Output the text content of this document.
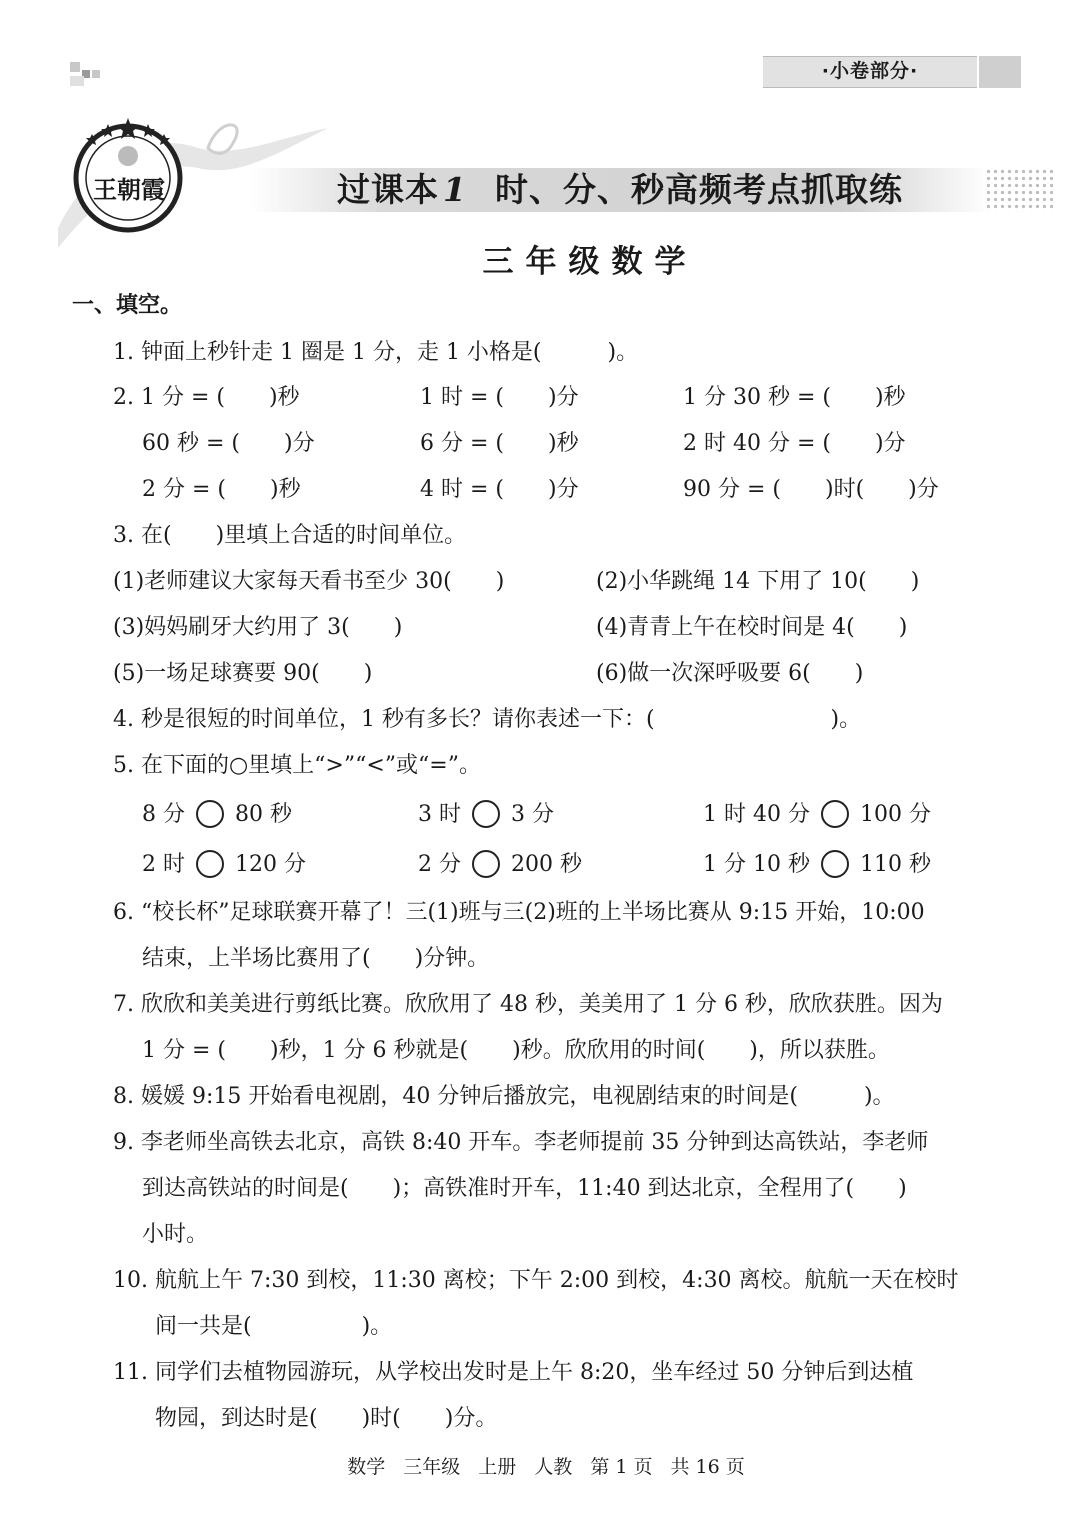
·小卷部分·
王朝霞	过课本 1 时、分、秒高频考点抓取练
三年级数学
一、填空。
1. 钟面上秒针走 1 圈是 1 分，走 1 小格是(　　　)。
2. 1 分 = (　　)秒	1 时 = (　　)分	1 分 30 秒 = (　　)秒
60 秒 = (　　)分	6 分 = (　　)秒	2 时 40 分 = (　　)分
2 分 = (　　)秒	4 时 = (　　)分	90 分 = (　　)时(　　)分
3. 在(　　)里填上合适的时间单位。
(1)老师建议大家每天看书至少 30(　　)	(2)小华跳绳 14 下用了 10(　　)
(3)妈妈刷牙大约用了 3(　　)	(4)青青上午在校时间是 4(　　)
(5)一场足球赛要 90(　　)	(6)做一次深呼吸要 6(　　)
4. 秒是很短的时间单位，1 秒有多长？请你表述一下：(　　　　　　　　)。
5. 在下面的○里填上“>”“<”或“=”。
8 分 80 秒	3 时 3 分	1 时 40 分 100 分
2 时 120 分	2 分 200 秒	1 分 10 秒 110 秒
6. “校长杯”足球联赛开幕了！三(1)班与三(2)班的上半场比赛从 9:15 开始，10:00
结束，上半场比赛用了(　　)分钟。
7. 欣欣和美美进行剪纸比赛。欣欣用了 48 秒，美美用了 1 分 6 秒，欣欣获胜。因为
1 分 = (　　)秒，1 分 6 秒就是(　　)秒。欣欣用的时间(　　)，所以获胜。
8. 媛媛 9:15 开始看电视剧，40 分钟后播放完，电视剧结束的时间是(　　　)。
9. 李老师坐高铁去北京，高铁 8:40 开车。李老师提前 35 分钟到达高铁站，李老师
到达高铁站的时间是(　　)；高铁准时开车，11:40 到达北京，全程用了(　　)
小时。
10. 航航上午 7:30 到校，11:30 离校；下午 2:00 到校，4:30 离校。航航一天在校时
间一共是(　　　　　)。
11. 同学们去植物园游玩，从学校出发时是上午 8:20，坐车经过 50 分钟后到达植
物园，到达时是(　　)时(　　)分。
数学 三年级 上册 人教 第 1 页 共 16 页
